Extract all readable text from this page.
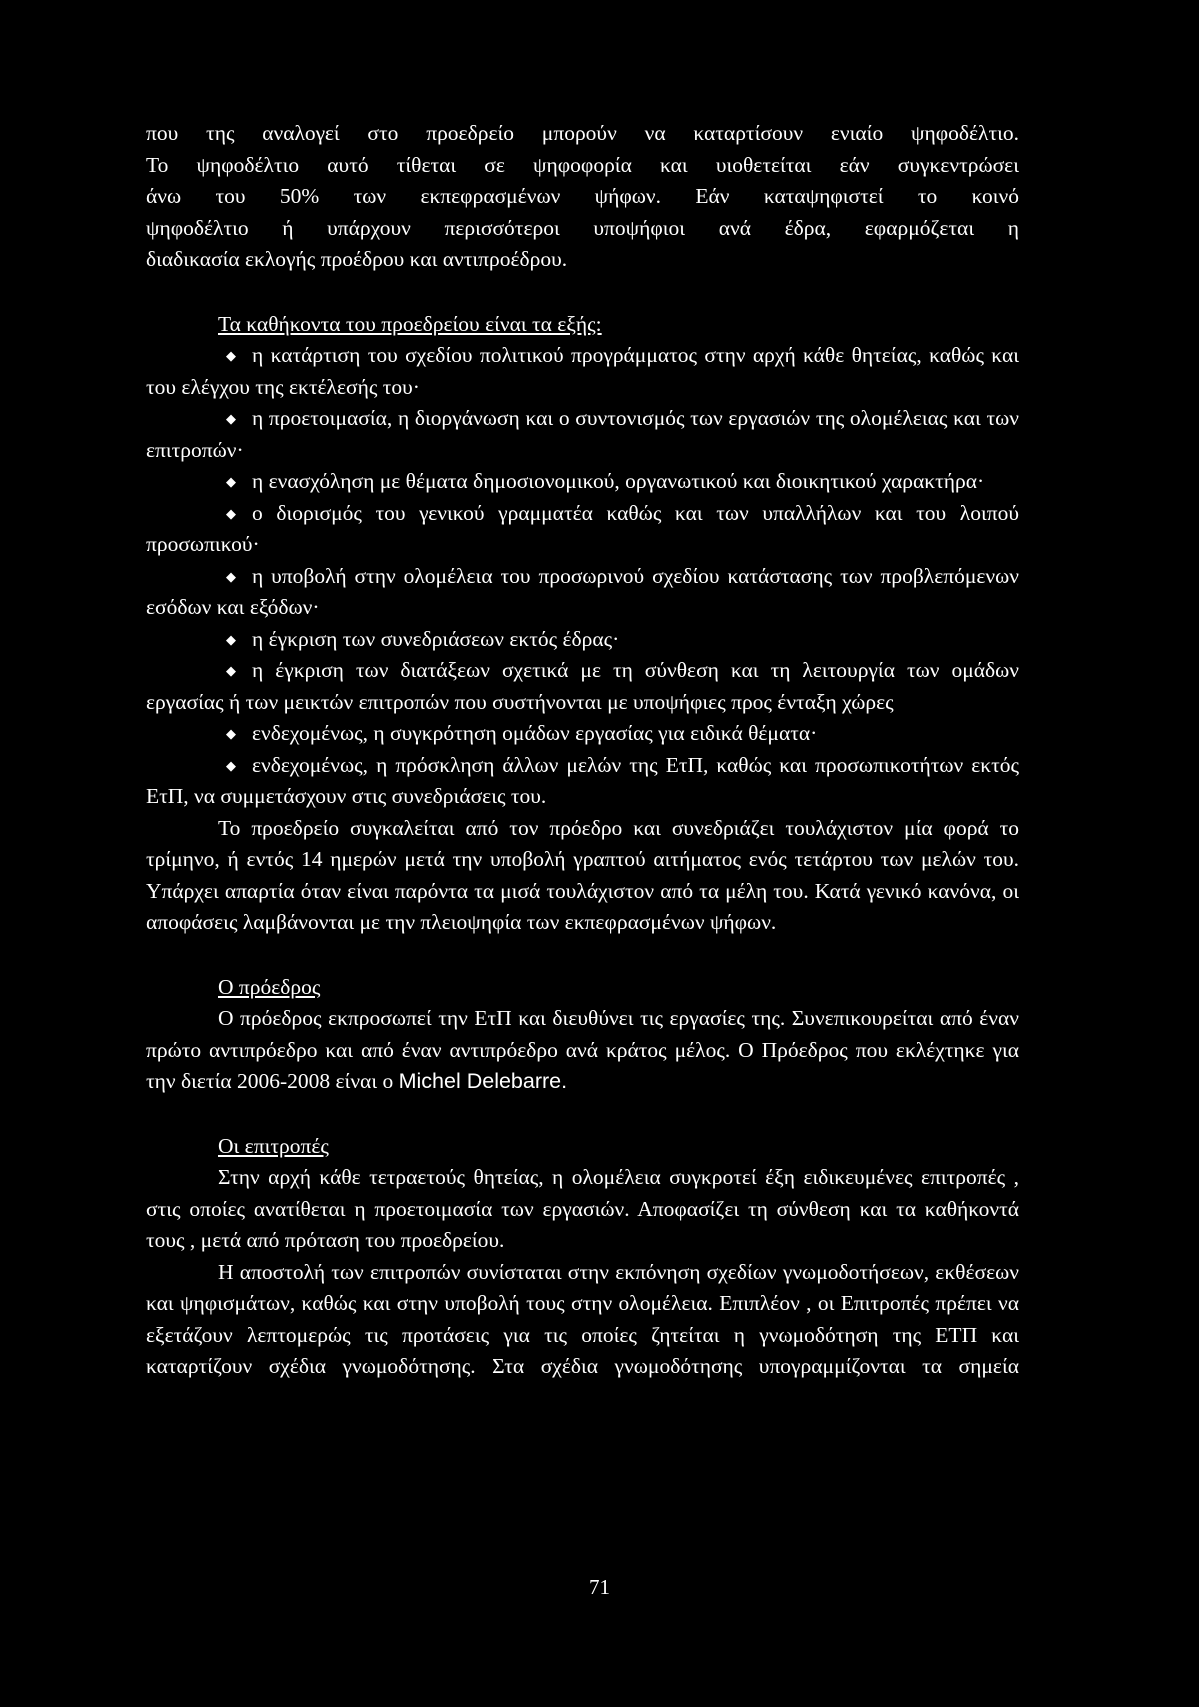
που της αναλογεί στο προεδρείο μπορούν να καταρτίσουν ενιαίο ψηφοδέλτιο.

Το ψηφοδέλτιο αυτό τίθεται σε ψηφοφορία και υιοθετείται εάν συγκεντρώσει

άνω του 50% των εκπεφρασμένων ψήφων. Εάν καταψηφιστεί το κοινό

ψηφοδέλτιο ή υπάρχουν περισσότεροι υποψήφιοι ανά έδρα, εφαρμόζεται η

διαδικασία εκλογής προέδρου και αντιπροέδρου.

Τα καθήκοντα του προεδρείου είναι τα εξής:

◆ η κατάρτιση του σχεδίου πολιτικού προγράμματος στην αρχή κάθε θητείας, καθώς και του ελέγχου της εκτέλεσής του·

◆ η προετοιμασία, η διοργάνωση και ο συντονισμός των εργασιών της ολομέλειας και των επιτροπών·

◆ η ενασχόληση με θέματα δημοσιονομικού, οργανωτικού και διοικητικού χαρακτήρα·

◆ ο διορισμός του γενικού γραμματέα καθώς και των υπαλλήλων και του λοιπού προσωπικού·

◆ η υποβολή στην ολομέλεια του προσωρινού σχεδίου κατάστασης των προβλεπόμενων εσόδων και εξόδων·

◆ η έγκριση των συνεδριάσεων εκτός έδρας·

◆ η έγκριση των διατάξεων σχετικά με τη σύνθεση και τη λειτουργία των ομάδων εργασίας ή των μεικτών επιτροπών που συστήνονται με υποψήφιες προς ένταξη χώρες

◆ ενδεχομένως, η συγκρότηση ομάδων εργασίας για ειδικά θέματα·

◆ ενδεχομένως, η πρόσκληση άλλων μελών της ΕτΠ, καθώς και προσωπικοτήτων εκτός ΕτΠ, να συμμετάσχουν στις συνεδριάσεις του.

Το προεδρείο συγκαλείται από τον πρόεδρο και συνεδριάζει τουλάχιστον μία φορά το τρίμηνο, ή εντός 14 ημερών μετά την υποβολή γραπτού αιτήματος ενός τετάρτου των μελών του. Υπάρχει απαρτία όταν είναι παρόντα τα μισά τουλάχιστον από τα μέλη του. Κατά γενικό κανόνα, οι αποφάσεις λαμβάνονται με την πλειοψηφία των εκπεφρασμένων ψήφων.

Ο πρόεδρος

Ο πρόεδρος εκπροσωπεί την ΕτΠ και διευθύνει τις εργασίες της. Συνεπικουρείται από έναν πρώτο αντιπρόεδρο και από έναν αντιπρόεδρο ανά κράτος μέλος. Ο Πρόεδρος που εκλέχτηκε για την διετία 2006-2008 είναι ο Michel Delebarre.

Οι επιτροπές

Στην αρχή κάθε τετραετούς θητείας, η ολομέλεια συγκροτεί έξη ειδικευμένες επιτροπές , στις οποίες ανατίθεται η προετοιμασία των εργασιών. Αποφασίζει τη σύνθεση και τα καθήκοντά τους , μετά από πρόταση του προεδρείου.

Η αποστολή των επιτροπών συνίσταται στην εκπόνηση σχεδίων γνωμοδοτήσεων, εκθέσεων και ψηφισμάτων, καθώς και στην υποβολή τους στην ολομέλεια. Επιπλέον , οι Επιτροπές πρέπει να εξετάζουν λεπτομερώς τις προτάσεις για τις οποίες ζητείται η γνωμοδότηση της ΕΤΠ και καταρτίζουν σχέδια γνωμοδότησης. Στα σχέδια γνωμοδότησης υπογραμμίζονται τα σημεία

71
